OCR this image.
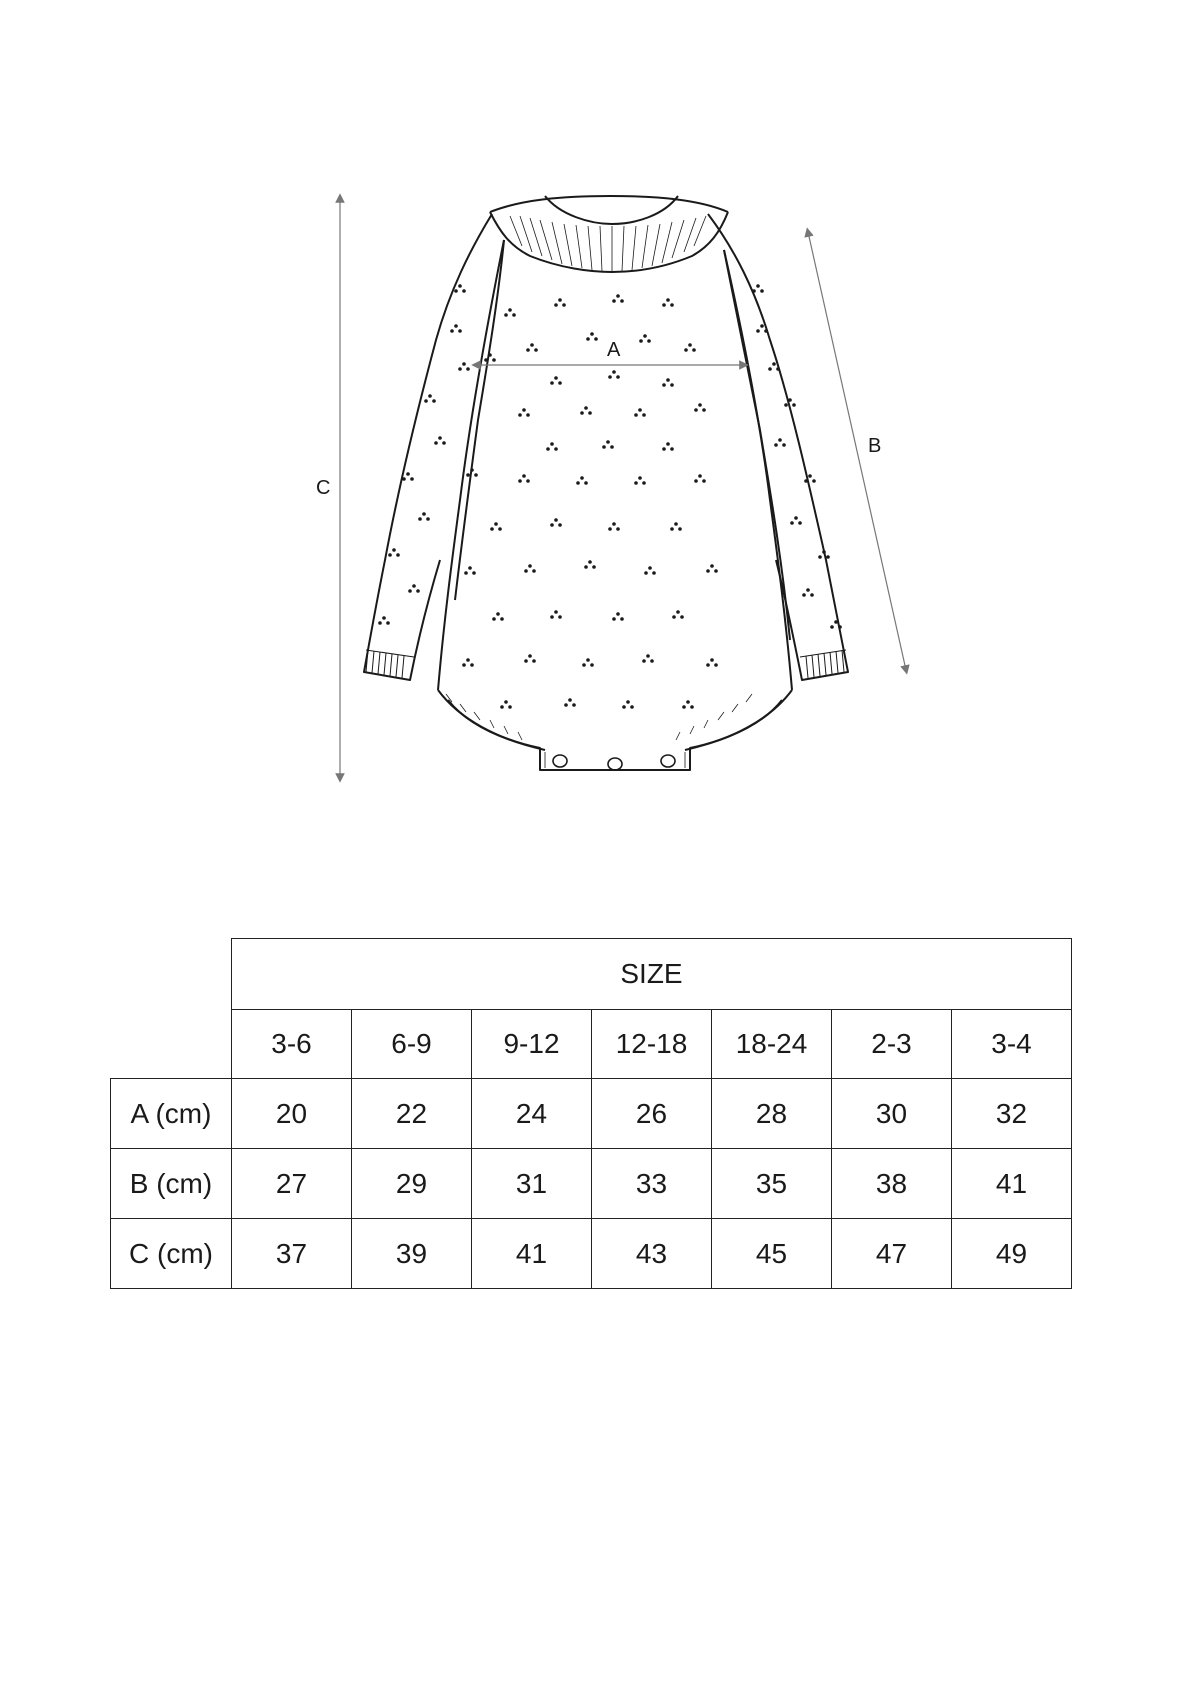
C
B
A
	SIZE						
	3-6	6-9	9-12	12-18	18-24	2-3	3-4
A (cm)	20	22	24	26	28	30	32
B (cm)	27	29	31	33	35	38	41
C (cm)	37	39	41	43	45	47	49
